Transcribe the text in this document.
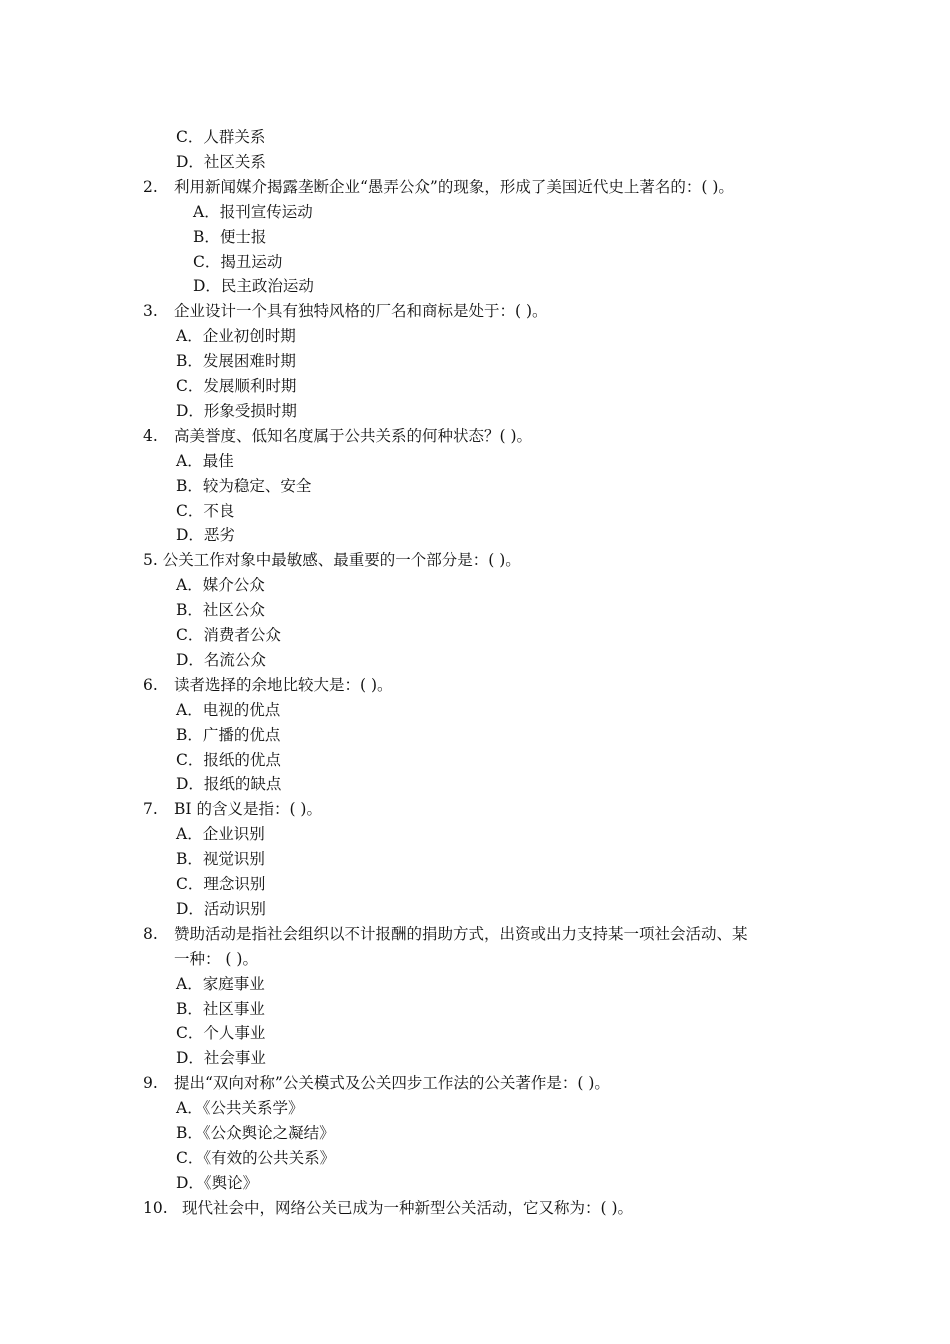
C．人群关系
D．社区关系
2. 利用新闻媒介揭露垄断企业“愚弄公众”的现象，形成了美国近代史上著名的：( )。
A．报刊宣传运动
B．便士报
C．揭丑运动
D．民主政治运动
3. 企业设计一个具有独特风格的厂名和商标是处于：( )。
A．企业初创时期
B．发展困难时期
C．发展顺利时期
D．形象受损时期
4. 高美誉度、低知名度属于公共关系的何种状态？( )。
A．最佳
B．较为稳定、安全
C．不良
D．恶劣
5. 公关工作对象中最敏感、最重要的一个部分是：( )。
A．媒介公众
B．社区公众
C．消费者公众
D．名流公众
6. 读者选择的余地比较大是：( )。
A．电视的优点
B．广播的优点
C．报纸的优点
D．报纸的缺点
7. BI 的含义是指：( )。
A．企业识别
B．视觉识别
C．理念识别
D．活动识别
8. 赞助活动是指社会组织以不计报酬的捐助方式，出资或出力支持某一项社会活动、某
一种： ( )。
A．家庭事业
B．社区事业
C．个人事业
D．社会事业
9. 提出“双向对称”公关模式及公关四步工作法的公关著作是：( )。
A．《公共关系学》
B．《公众舆论之凝结》
C．《有效的公共关系》
D．《舆论》
10. 现代社会中，网络公关已成为一种新型公关活动，它又称为：( )。
